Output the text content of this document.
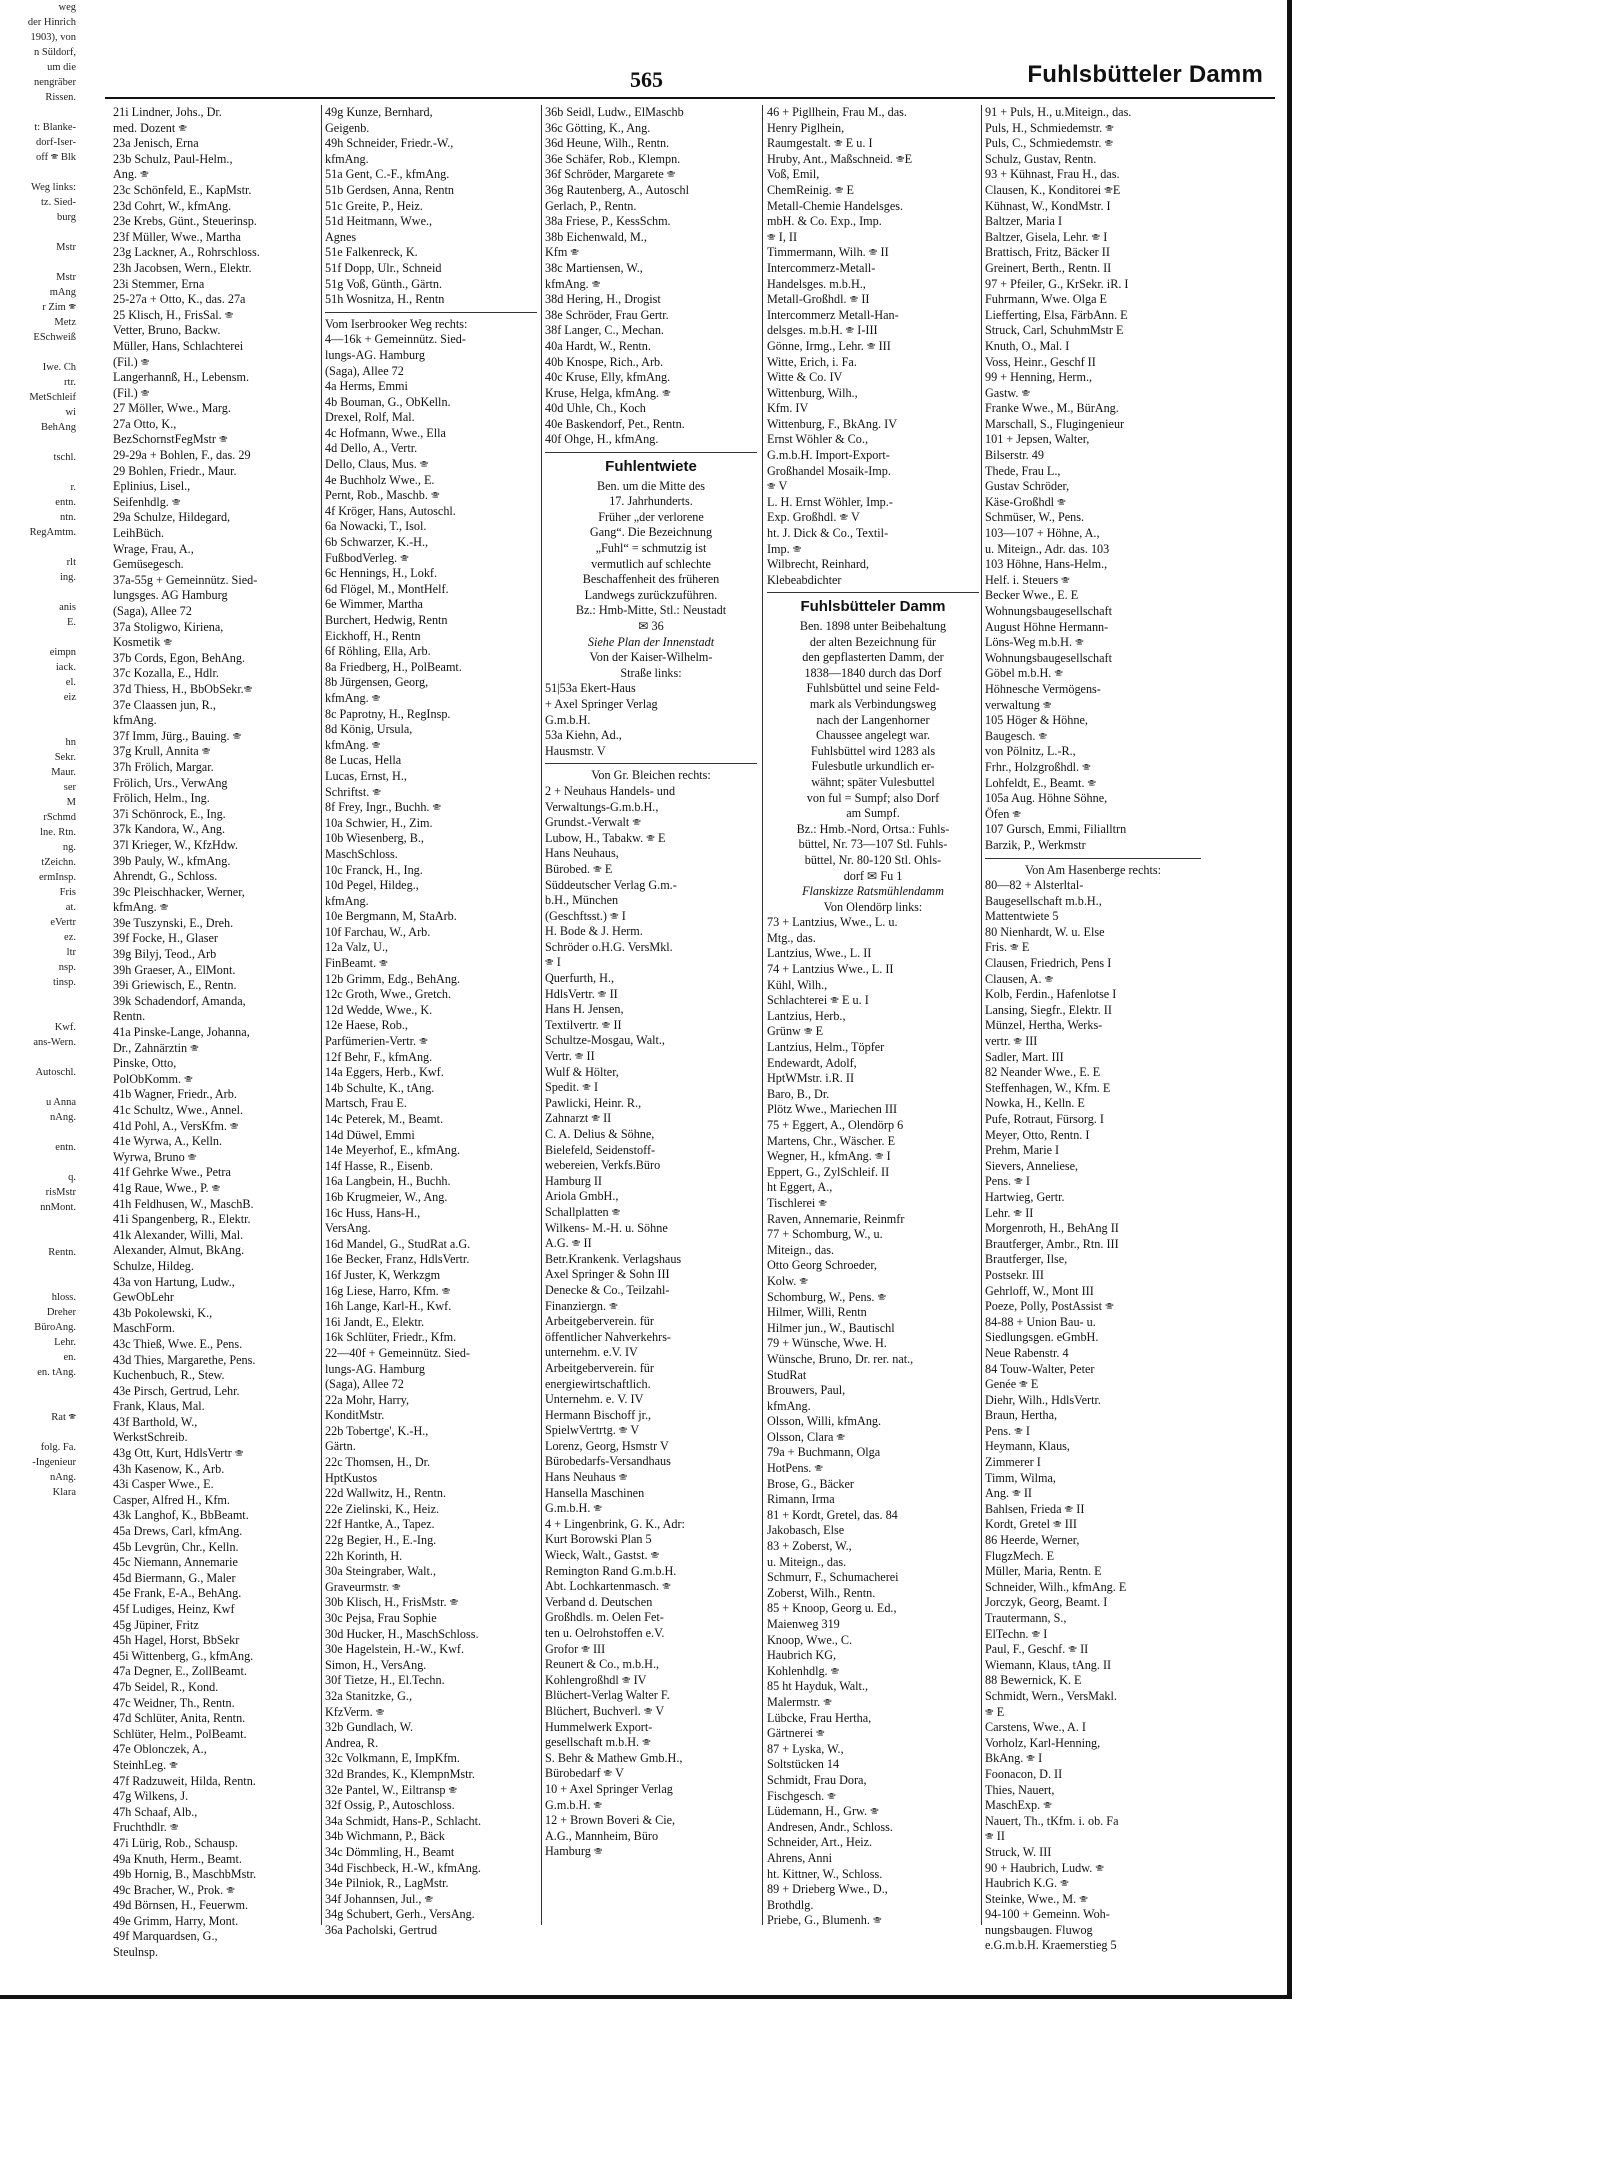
weg
der Hinrich
1903), von
n Süldorf,
um die
nengräber
Rissen.

t: Blanke-
dorf-Iser-
off 🕾 Blk

Weg links:
tz. Sied-
burg

Mstr

Mstr
mAng
r Zim 🕾
Metz
ESchweiß

Iwe. Ch
rtr.
MetSchleif
wi
BehAng

tschl.

r.
entn.
ntn.
RegAmtm.

rlt
ing.

anis
E.

eimpn
iack.
el.
eiz

hn
Sekr.
Maur.
ser
M
rSchmd
lne. Rtn.
ng.
tZeichn.
ermInsp.
Fris
at.
eVertr
ez.
ltr
nsp.
tinsp.

Kwf.
ans-Wern.

Autoschl.

u Anna
nAng.

entn.

q.
risMstr
nnMont.

Rentn.

hloss.
Dreher
BüroAng.
Lehr.
en.
en. tAng.

Rat 🕾

folg. Fa.
-Ingenieur
nAng.
Klara
565	Fuhlsbütteler Damm
21i Lindner, Johs., Dr.
med. Dozent 🕾
23a Jenisch, Erna
23b Schulz, Paul-Helm.,
Ang. 🕾
23c Schönfeld, E., KapMstr.
23d Cohrt, W., kfmAng.
23e Krebs, Günt., Steuerinsp.
23f Müller, Wwe., Martha
23g Lackner, A., Rohrschloss.
23h Jacobsen, Wern., Elektr.
23i Stemmer, Erna
25-27a + Otto, K., das. 27a
25 Klisch, H., FrisSal. 🕾
Vetter, Bruno, Backw.
Müller, Hans, Schlachterei
(Fil.) 🕾
Langerhannß, H., Lebensm.
(Fil.) 🕾
27 Möller, Wwe., Marg.
27a Otto, K.,
BezSchornstFegMstr 🕾
29-29a + Bohlen, F., das. 29
29 Bohlen, Friedr., Maur.
Eplinius, Lisel.,
Seifenhdlg. 🕾
29a Schulze, Hildegard,
LeihBüch.
Wrage, Frau, A.,
Gemüsegesch.
37a-55g + Gemeinnütz. Sied-
lungsges. AG Hamburg
(Saga), Allee 72
37a Stoligwo, Kiriena,
Kosmetik 🕾
37b Cords, Egon, BehAng.
37c Kozalla, E., Hdlr.
37d Thiess, H., BbObSekr.🕾
37e Claassen jun, R.,
kfmAng.
37f Imm, Jürg., Bauing. 🕾
37g Krull, Annita 🕾
37h Frölich, Margar.
Frölich, Urs., VerwAng
Frölich, Helm., Ing.
37i Schönrock, E., Ing.
37k Kandora, W., Ang.
37l Krieger, W., KfzHdw.
39b Pauly, W., kfmAng.
Ahrendt, G., Schloss.
39c Pleischhacker, Werner,
kfmAng. 🕾
39e Tuszynski, E., Dreh.
39f Focke, H., Glaser
39g Bilyj, Teod., Arb
39h Graeser, A., ElMont.
39i Griewisch, E., Rentn.
39k Schadendorf, Amanda,
Rentn.
41a Pinske-Lange, Johanna,
Dr., Zahnärztin 🕾
Pinske, Otto,
PolObKomm. 🕾
41b Wagner, Friedr., Arb.
41c Schultz, Wwe., Annel.
41d Pohl, A., VersKfm. 🕾
41e Wyrwa, A., Kelln.
Wyrwa, Bruno 🕾
41f Gehrke Wwe., Petra
41g Raue, Wwe., P. 🕾
41h Feldhusen, W., MaschB.
41i Spangenberg, R., Elektr.
41k Alexander, Willi, Mal.
Alexander, Almut, BkAng.
Schulze, Hildeg.
43a von Hartung, Ludw.,
GewObLehr
43b Pokolewski, K.,
MaschForm.
43c Thieß, Wwe. E., Pens.
43d Thies, Margarethe, Pens.
Kuchenbuch, R., Stew.
43e Pirsch, Gertrud, Lehr.
Frank, Klaus, Mal.
43f Barthold, W.,
WerkstSchreib.
43g Ott, Kurt, HdlsVertr 🕾
43h Kasenow, K., Arb.
43i Casper Wwe., E.
Casper, Alfred H., Kfm.
43k Langhof, K., BbBeamt.
45a Drews, Carl, kfmAng.
45b Levgrün, Chr., Kelln.
45c Niemann, Annemarie
45d Biermann, G., Maler
45e Frank, E-A., BehAng.
45f Ludiges, Heinz, Kwf
45g Jüpiner, Fritz
45h Hagel, Horst, BbSekr
45i Wittenberg, G., kfmAng.
47a Degner, E., ZollBeamt.
47b Seidel, R., Kond.
47c Weidner, Th., Rentn.
47d Schlüter, Anita, Rentn.
Schlüter, Helm., PolBeamt.
47e Oblonczek, A.,
SteinhLeg. 🕾
47f Radzuweit, Hilda, Rentn.
47g Wilkens, J.
47h Schaaf, Alb.,
Fruchthdlr. 🕾
47i Lürig, Rob., Schausp.
49a Knuth, Herm., Beamt.
49b Hornig, B., MaschbMstr.
49c Bracher, W., Prok. 🕾
49d Börnsen, H., Feuerwm.
49e Grimm, Harry, Mont.
49f Marquardsen, G.,
Steulnsp.
49g Kunze, Bernhard,
Geigenb.
49h Schneider, Friedr.-W.,
kfmAng.
51a Gent, C.-F., kfmAng.
51b Gerdsen, Anna, Rentn
51c Greite, P., Heiz.
51d Heitmann, Wwe.,
Agnes
51e Falkenreck, K.
51f Dopp, Ulr., Schneid
51g Voß, Günth., Gärtn.
51h Wosnitza, H., Rentn
Vom Iserbrooker Weg rechts:
4—16k + Gemeinnütz. Sied-
lungs-AG. Hamburg
(Saga), Allee 72
4a Herms, Emmi
4b Bouman, G., ObKelln.
Drexel, Rolf, Mal.
4c Hofmann, Wwe., Ella
4d Dello, A., Vertr.
Dello, Claus, Mus. 🕾
4e Buchholz Wwe., E.
Pernt, Rob., Maschb. 🕾
4f Kröger, Hans, Autoschl.
6a Nowacki, T., Isol.
6b Schwarzer, K.-H.,
FußbodVerleg. 🕾
6c Hennings, H., Lokf.
6d Flögel, M., MontHelf.
6e Wimmer, Martha
Burchert, Hedwig, Rentn
Eickhoff, H., Rentn
6f Röhling, Ella, Arb.
8a Friedberg, H., PolBeamt.
8b Jürgensen, Georg,
kfmAng. 🕾
8c Paprotny, H., RegInsp.
8d König, Ursula,
kfmAng. 🕾
8e Lucas, Hella
Lucas, Ernst, H.,
Schriftst. 🕾
8f Frey, Ingr., Buchh. 🕾
10a Schwier, H., Zim.
10b Wiesenberg, B.,
MaschSchloss.
10c Franck, H., Ing.
10d Pegel, Hildeg.,
kfmAng.
10e Bergmann, M, StaArb.
10f Farchau, W., Arb.
12a Valz, U.,
FinBeamt. 🕾
12b Grimm, Edg., BehAng.
12c Groth, Wwe., Gretch.
12d Wedde, Wwe., K.
12e Haese, Rob.,
Parfümerien-Vertr. 🕾
12f Behr, F., kfmAng.
14a Eggers, Herb., Kwf.
14b Schulte, K., tAng.
Martsch, Frau E.
14c Peterek, M., Beamt.
14d Düwel, Emmi
14e Meyerhof, E., kfmAng.
14f Hasse, R., Eisenb.
16a Langbein, H., Buchh.
16b Krugmeier, W., Ang.
16c Huss, Hans-H.,
VersAng.
16d Mandel, G., StudRat a.G.
16e Becker, Franz, HdlsVertr.
16f Juster, K, Werkzgm
16g Liese, Harro, Kfm. 🕾
16h Lange, Karl-H., Kwf.
16i Jandt, E., Elektr.
16k Schlüter, Friedr., Kfm.
22—40f + Gemeinnütz. Sied-
lungs-AG. Hamburg
(Saga), Allee 72
22a Mohr, Harry,
KonditMstr.
22b Tobertge', K.-H.,
Gärtn.
22c Thomsen, H., Dr.
HptKustos
22d Wallwitz, H., Rentn.
22e Zielinski, K., Heiz.
22f Hantke, A., Tapez.
22g Begier, H., E.-Ing.
22h Korinth, H.
30a Steingraber, Walt.,
Graveurmstr. 🕾
30b Klisch, H., FrisMstr. 🕾
30c Pejsa, Frau Sophie
30d Hucker, H., MaschSchloss.
30e Hagelstein, H.-W., Kwf.
Simon, H., VersAng.
30f Tietze, H., El.Techn.
32a Stanitzke, G.,
KfzVerm. 🕾
32b Gundlach, W.
Andrea, R.
32c Volkmann, E, ImpKfm.
32d Brandes, K., KlempnMstr.
32e Pantel, W., Eiltransp 🕾
32f Ossig, P., Autoschloss.
34a Schmidt, Hans-P., Schlacht.
34b Wichmann, P., Bäck
34c Dömmling, H., Beamt
34d Fischbeck, H.-W., kfmAng.
34e Pilniok, R., LagMstr.
34f Johannsen, Jul., 🕾
34g Schubert, Gerh., VersAng.
36a Pacholski, Gertrud
36b Seidl, Ludw., ElMaschb
36c Götting, K., Ang.
36d Heune, Wilh., Rentn.
36e Schäfer, Rob., Klempn.
36f Schröder, Margarete 🕾
36g Rautenberg, A., Autoschl
Gerlach, P., Rentn.
38a Friese, P., KessSchm.
38b Eichenwald, M.,
Kfm 🕾
38c Martiensen, W.,
kfmAng. 🕾
38d Hering, H., Drogist
38e Schröder, Frau Gertr.
38f Langer, C., Mechan.
40a Hardt, W., Rentn.
40b Knospe, Rich., Arb.
40c Kruse, Elly, kfmAng.
Kruse, Helga, kfmAng. 🕾
40d Uhle, Ch., Koch
40e Baskendorf, Pet., Rentn.
40f Ohge, H., kfmAng.
Fuhlentwiete
Ben. um die Mitte des
17. Jahrhunderts.
Früher „der verlorene
Gang“. Die Bezeichnung
„Fuhl“ = schmutzig ist
vermutlich auf schlechte
Beschaffenheit des früheren
Landwegs zurückzuführen.
Bz.: Hmb-Mitte, Stl.: Neustadt
✉ 36
Siehe Plan der Innenstadt
Von der Kaiser-Wilhelm-
Straße links:
51|53a Ekert-Haus
+ Axel Springer Verlag
G.m.b.H.
53a Kiehn, Ad.,
Hausmstr. V
Von Gr. Bleichen rechts:
2 + Neuhaus Handels- und
Verwaltungs-G.m.b.H.,
Grundst.-Verwalt 🕾
Lubow, H., Tabakw. 🕾 E
Hans Neuhaus,
Bürobed. 🕾 E
Süddeutscher Verlag G.m.-
b.H., München
(Geschftsst.) 🕾 I
H. Bode & J. Herm.
Schröder o.H.G. VersMkl.
🕾 I
Querfurth, H.,
HdlsVertr. 🕾 II
Hans H. Jensen,
Textilvertr. 🕾 II
Schultze-Mosgau, Walt.,
Vertr. 🕾 II
Wulf & Hölter,
Spedit. 🕾 I
Pawlicki, Heinr. R.,
Zahnarzt 🕾 II
C. A. Delius & Söhne,
Bielefeld, Seidenstoff-
webereien, Verkfs.Büro
Hamburg II
Ariola GmbH.,
Schallplatten 🕾
Wilkens- M.-H. u. Söhne
A.G. 🕾 II
Betr.Krankenk. Verlagshaus
Axel Springer & Sohn III
Denecke & Co., Teilzahl-
Finanziergn. 🕾
Arbeitgeberverein. für
öffentlicher Nahverkehrs-
unternehm. e.V. IV
Arbeitgeberverein. für
energiewirtschaftlich.
Unternehm. e. V. IV
Hermann Bischoff jr.,
SpielwVertrtg. 🕾 V
Lorenz, Georg, Hsmstr V
Bürobedarfs-Versandhaus
Hans Neuhaus 🕾
Hansella Maschinen
G.m.b.H. 🕾
4 + Lingenbrink, G. K., Adr:
Kurt Borowski Plan 5
Wieck, Walt., Gastst. 🕾
Remington Rand G.m.b.H.
Abt. Lochkartenmasch. 🕾
Verband d. Deutschen
Großhdls. m. Oelen Fet-
ten u. Oelrohstoffen e.V.
Grofor 🕾 III
Reunert & Co., m.b.H.,
Kohlengroßhdl 🕾 IV
Blüchert-Verlag Walter F.
Blüchert, Buchverl. 🕾 V
Hummelwerk Export-
gesellschaft m.b.H. 🕾
S. Behr & Mathew Gmb.H.,
Bürobedarf 🕾 V
10 + Axel Springer Verlag
G.m.b.H. 🕾
12 + Brown Boveri & Cie,
A.G., Mannheim, Büro
Hamburg 🕾
46 + Pigllhein, Frau M., das.
Henry Piglhein,
Raumgestalt. 🕾 E u. I
Hruby, Ant., Maßschneid. 🕾E
Voß, Emil,
ChemReinig. 🕾 E
Metall-Chemie Handelsges.
mbH. & Co. Exp., Imp.
🕾 I, II
Timmermann, Wilh. 🕾 II
Intercommerz-Metall-
Handelsges. m.b.H.,
Metall-Großhdl. 🕾 II
Intercommerz Metall-Han-
delsges. m.b.H. 🕾 I-III
Gönne, Irmg., Lehr. 🕾 III
Witte, Erich, i. Fa.
Witte & Co. IV
Wittenburg, Wilh.,
Kfm. IV
Wittenburg, F., BkAng. IV
Ernst Wöhler & Co.,
G.m.b.H. Import-Export-
Großhandel Mosaik-Imp.
🕾 V
L. H. Ernst Wöhler, Imp.-
Exp. Großhdl. 🕾 V
ht. J. Dick & Co., Textil-
Imp. 🕾
Wilbrecht, Reinhard,
Klebeabdichter
Fuhlsbütteler Damm
Ben. 1898 unter Beibehaltung
der alten Bezeichnung für
den gepflasterten Damm, der
1838—1840 durch das Dorf
Fuhlsbüttel und seine Feld-
mark als Verbindungsweg
nach der Langenhorner
Chaussee angelegt war.
Fuhlsbüttel wird 1283 als
Fulesbutle urkundlich er-
wähnt; später Vulesbuttel
von ful = Sumpf; also Dorf
am Sumpf.
Bz.: Hmb.-Nord, Ortsa.: Fuhls-
büttel, Nr. 73—107 Stl. Fuhls-
büttel, Nr. 80-120 Stl. Ohls-
dorf ✉ Fu 1
Flanskizze Ratsmühlendamm
Von Olendörp links:
73 + Lantzius, Wwe., L. u.
Mtg., das.
Lantzius, Wwe., L. II
74 + Lantzius Wwe., L. II
Kühl, Wilh.,
Schlachterei 🕾 E u. I
Lantzius, Herb.,
Grünw 🕾 E
Lantzius, Helm., Töpfer
Endewardt, Adolf,
HptWMstr. i.R. II
Baro, B., Dr.
Plötz Wwe., Mariechen III
75 + Eggert, A., Olendörp 6
Martens, Chr., Wäscher. E
Wegner, H., kfmAng. 🕾 I
Eppert, G., ZylSchleif. II
ht Eggert, A.,
Tischlerei 🕾
Raven, Annemarie, Reinmfr
77 + Schomburg, W., u.
Miteign., das.
Otto Georg Schroeder,
Kolw. 🕾
Schomburg, W., Pens. 🕾
Hilmer, Willi, Rentn
Hilmer jun., W., Bautischl
79 + Wünsche, Wwe. H.
Wünsche, Bruno, Dr. rer. nat.,
StudRat
Brouwers, Paul,
kfmAng.
Olsson, Willi, kfmAng.
Olsson, Clara 🕾
79a + Buchmann, Olga
HotPens. 🕾
Brose, G., Bäcker
Rimann, Irma
81 + Kordt, Gretel, das. 84
Jakobasch, Else
83 + Zoberst, W.,
u. Miteign., das.
Schmurr, F., Schumacherei
Zoberst, Wilh., Rentn.
85 + Knoop, Georg u. Ed.,
Maienweg 319
Knoop, Wwe., C.
Haubrich KG,
Kohlenhdlg. 🕾
85 ht Hayduk, Walt.,
Malermstr. 🕾
Lübcke, Frau Hertha,
Gärtnerei 🕾
87 + Lyska, W.,
Soltstücken 14
Schmidt, Frau Dora,
Fischgesch. 🕾
Lüdemann, H., Grw. 🕾
Andresen, Andr., Schloss.
Schneider, Art., Heiz.
Ahrens, Anni
ht. Kittner, W., Schloss.
89 + Drieberg Wwe., D.,
Brothdlg.
Priebe, G., Blumenh. 🕾
91 + Puls, H., u.Miteign., das.
Puls, H., Schmiedemstr. 🕾
Puls, C., Schmiedemstr. 🕾
Schulz, Gustav, Rentn.
93 + Kühnast, Frau H., das.
Clausen, K., Konditorei 🕾E
Kühnast, W., KondMstr. I
Baltzer, Maria I
Baltzer, Gisela, Lehr. 🕾 I
Brattisch, Fritz, Bäcker II
Greinert, Berth., Rentn. II
97 + Pfeiler, G., KrSekr. iR. I
Fuhrmann, Wwe. Olga E
Liefferting, Elsa, FärbAnn. E
Struck, Carl, SchuhmMstr E
Knuth, O., Mal. I
Voss, Heinr., Geschf II
99 + Henning, Herm.,
Gastw. 🕾
Franke Wwe., M., BürAng.
Marschall, S., Flugingenieur
101 + Jepsen, Walter,
Bilserstr. 49
Thede, Frau L.,
Gustav Schröder,
Käse-Großhdl 🕾
Schmüser, W., Pens.
103—107 + Höhne, A.,
u. Miteign., Adr. das. 103
103 Höhne, Hans-Helm.,
Helf. i. Steuers 🕾
Becker Wwe., E. E
Wohnungsbaugesellschaft
August Höhne Hermann-
Löns-Weg m.b.H. 🕾
Wohnungsbaugesellschaft
Göbel m.b.H. 🕾
Höhnesche Vermögens-
verwaltung 🕾
105 Höger & Höhne,
Baugesch. 🕾
von Pölnitz, L.-R.,
Frhr., Holzgroßhdl. 🕾
Lohfeldt, E., Beamt. 🕾
105a Aug. Höhne Söhne,
Öfen 🕾
107 Gursch, Emmi, Filialltrn
Barzik, P., Werkmstr
Von Am Hasenberge rechts:
80—82 + Alsterltal-
Baugesellschaft m.b.H.,
Mattentwiete 5
80 Nienhardt, W. u. Else
Fris. 🕾 E
Clausen, Friedrich, Pens I
Clausen, A. 🕾
Kolb, Ferdin., Hafenlotse I
Lansing, Siegfr., Elektr. II
Münzel, Hertha, Werks-
vertr. 🕾 III
Sadler, Mart. III
82 Neander Wwe., E. E
Steffenhagen, W., Kfm. E
Nowka, H., Kelln. E
Pufe, Rotraut, Fürsorg. I
Meyer, Otto, Rentn. I
Prehm, Marie I
Sievers, Anneliese,
Pens. 🕾 I
Hartwieg, Gertr.
Lehr. 🕾 II
Morgenroth, H., BehAng II
Brautferger, Ambr., Rtn. III
Brautferger, Ilse,
Postsekr. III
Gehrloff, W., Mont III
Poeze, Polly, PostAssist 🕾
84-88 + Union Bau- u.
Siedlungsgen. eGmbH.
Neue Rabenstr. 4
84 Touw-Walter, Peter
Genée 🕾 E
Diehr, Wilh., HdlsVertr.
Braun, Hertha,
Pens. 🕾 I
Heymann, Klaus,
Zimmerer I
Timm, Wilma,
Ang. 🕾 II
Bahlsen, Frieda 🕾 II
Kordt, Gretel 🕾 III
86 Heerde, Werner,
FlugzMech. E
Müller, Maria, Rentn. E
Schneider, Wilh., kfmAng. E
Jorczyk, Georg, Beamt. I
Trautermann, S.,
ElTechn. 🕾 I
Paul, F., Geschf. 🕾 II
Wiemann, Klaus, tAng. II
88 Bewernick, K. E
Schmidt, Wern., VersMakl.
🕾 E
Carstens, Wwe., A. I
Vorholz, Karl-Henning,
BkAng. 🕾 I
Foonacon, D. II
Thies, Nauert,
MaschExp. 🕾
Nauert, Th., tKfm. i. ob. Fa
🕾 II
Struck, W. III
90 + Haubrich, Ludw. 🕾
Haubrich K.G. 🕾
Steinke, Wwe., M. 🕾
94-100 + Gemeinn. Woh-
nungsbaugen. Fluwog
e.G.m.b.H. Kraemerstieg 5
